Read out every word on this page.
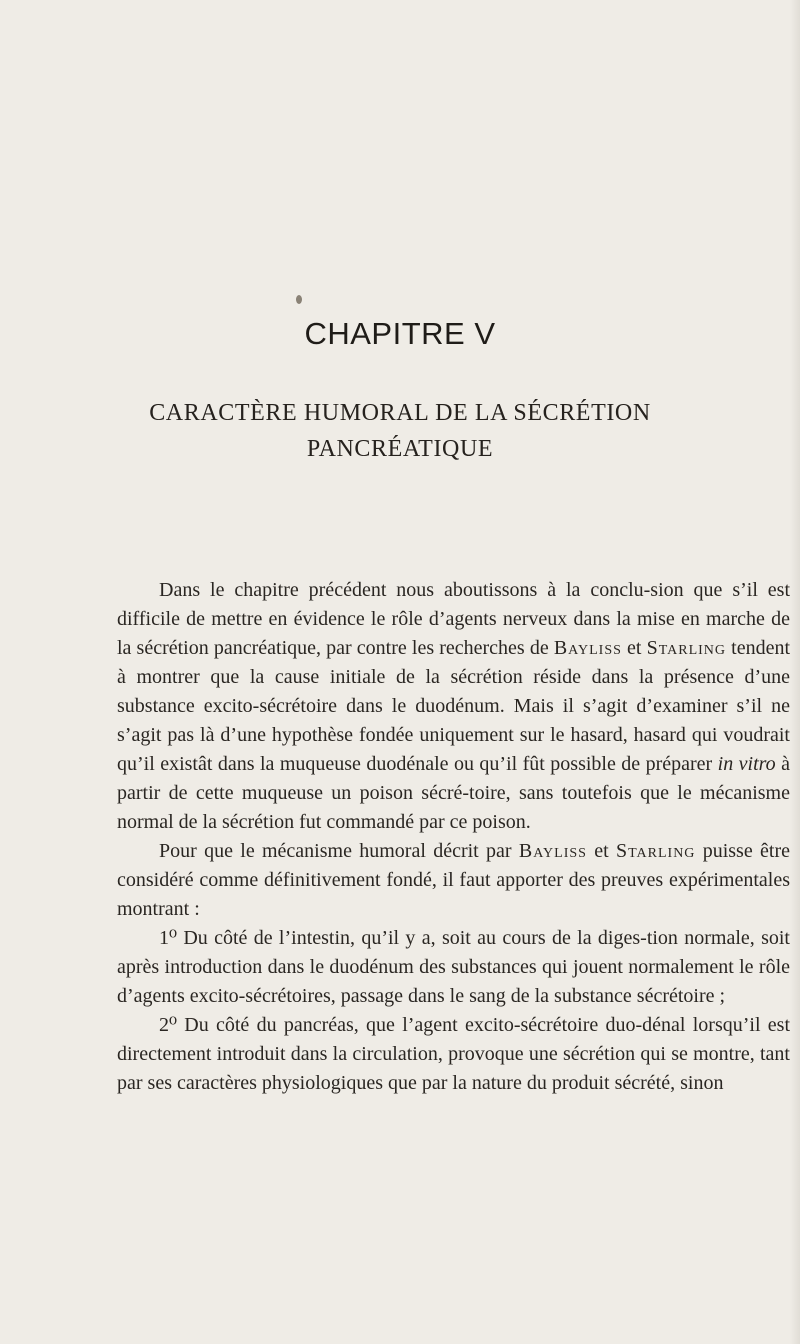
CHAPITRE V
CARACTÈRE HUMORAL DE LA SÉCRÉTION
PANCRÉATIQUE

Dans le chapitre précédent nous aboutissons à la conclu-sion que s’il est difficile de mettre en évidence le rôle d’agents nerveux dans la mise en marche de la sécrétion pancréatique, par contre les recherches de Bayliss et Starling tendent à montrer que la cause initiale de la sécrétion réside dans la présence d’une substance excito-sécrétoire dans le duodénum. Mais il s’agit d’examiner s’il ne s’agit pas là d’une hypothèse fondée uniquement sur le hasard, hasard qui voudrait qu’il existât dans la muqueuse duodénale ou qu’il fût possible de préparer in vitro à partir de cette muqueuse un poison sécré-toire, sans toutefois que le mécanisme normal de la sécrétion fut commandé par ce poison.

Pour que le mécanisme humoral décrit par Bayliss et Starling puisse être considéré comme définitivement fondé, il faut apporter des preuves expérimentales montrant :

1⁰ Du côté de l’intestin, qu’il y a, soit au cours de la diges-tion normale, soit après introduction dans le duodénum des substances qui jouent normalement le rôle d’agents excito-sécrétoires, passage dans le sang de la substance sécrétoire ;

2⁰ Du côté du pancréas, que l’agent excito-sécrétoire duo-dénal lorsqu’il est directement introduit dans la circulation, provoque une sécrétion qui se montre, tant par ses caractères physiologiques que par la nature du produit sécrété, sinon
